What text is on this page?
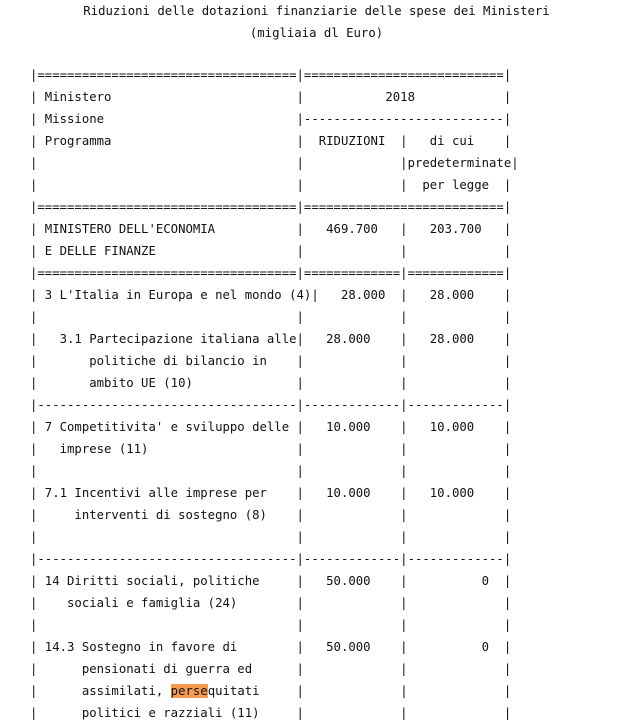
Riduzioni delle dotazioni finanziarie delle spese dei Ministeri
(migliaia dl Euro)
|===================================|===========================|
| Ministero                         |           2018            |
| Missione                          |---------------------------|
| Programma                         |  RIDUZIONI  |   di cui    |
|                                   |             |predeterminate|
|                                   |             |  per legge  |
|===================================|===========================|
| MINISTERO DELL'ECONOMIA           |   469.700   |   203.700   |
| E DELLE FINANZE                   |             |             |
|===================================|=============|=============|
| 3 L'Italia in Europa e nel mondo (4)|   28.000  |   28.000    |
|                                   |             |             |
|   3.1 Partecipazione italiana alle|   28.000    |   28.000    |
|       politiche di bilancio in    |             |             |
|       ambito UE (10)              |             |             |
|-----------------------------------|-------------|-------------|
| 7 Competitivita' e sviluppo delle |   10.000    |   10.000    |
|   imprese (11)                    |             |             |
|                                   |             |             |
| 7.1 Incentivi alle imprese per    |   10.000    |   10.000    |
|     interventi di sostegno (8)    |             |             |
|                                   |             |             |
|-----------------------------------|-------------|-------------|
| 14 Diritti sociali, politiche     |   50.000    |          0  |
|    sociali e famiglia (24)        |             |             |
|                                   |             |             |
| 14.3 Sostegno in favore di        |   50.000    |          0  |
|      pensionati di guerra ed      |             |             |
|      assimilati, persequitati     |             |             |
|      politici e razziali (11)     |             |             |
